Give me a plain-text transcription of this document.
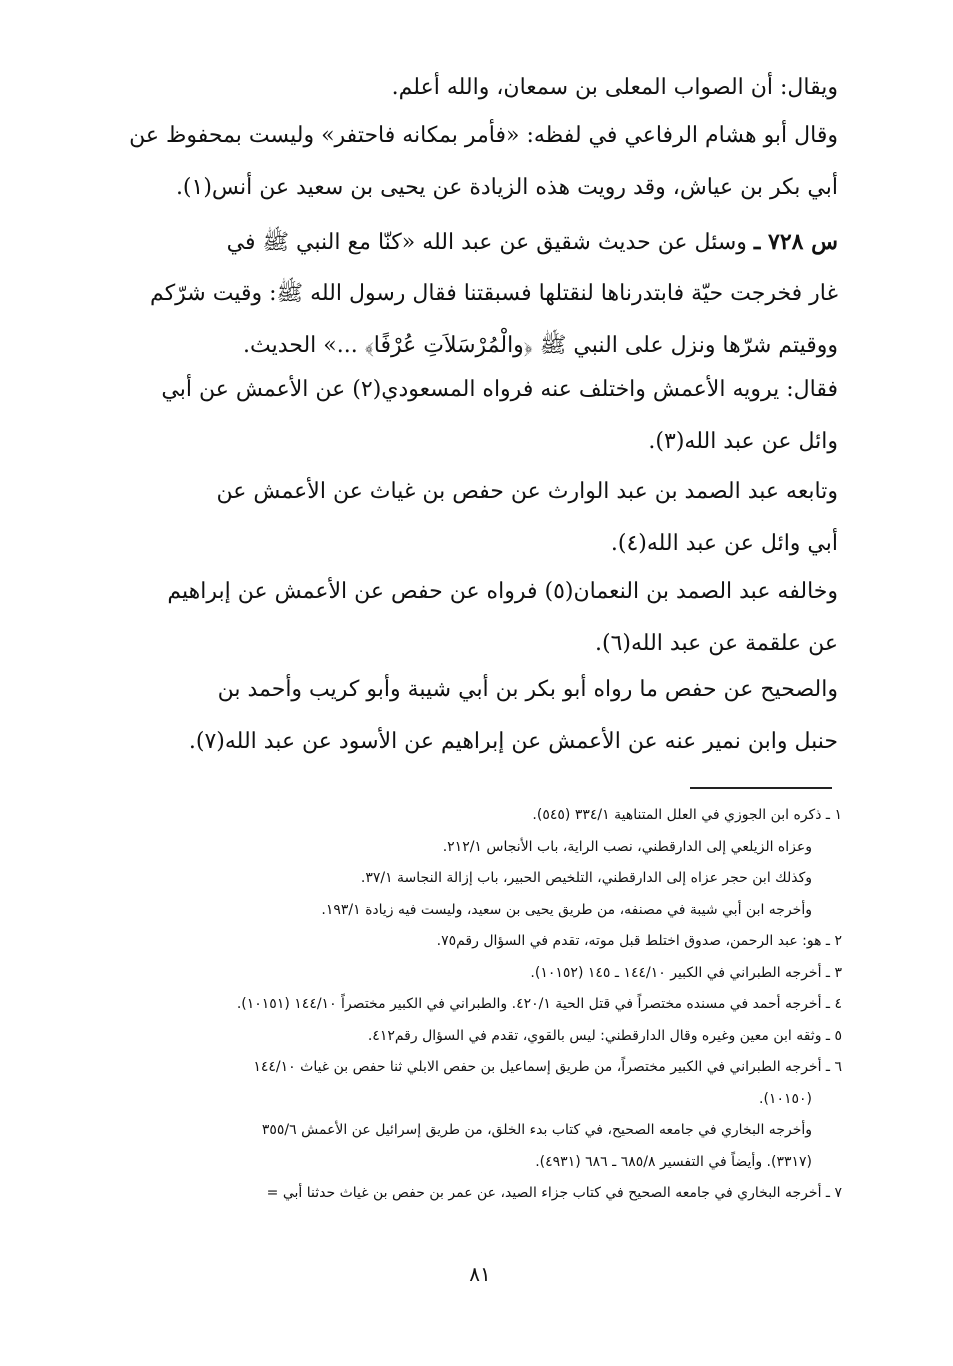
ويقال: أن الصواب المعلى بن سمعان، والله أعلم.
وقال أبو هشام الرفاعي في لفظه: «فأمر بمكانه فاحتفر» وليست بمحفوظ عن
أبي بكر بن عياش، وقد رويت هذه الزيادة عن يحيى بن سعيد عن أنس(١).
س ٧٢٨ ـ وسئل عن حديث شقيق عن عبد الله «كنّا مع النبي ﷺ في
غار فخرجت حيّة فابتدرناها لنقتلها فسبقتنا فقال رسول الله ﷺ: وقيت شرّكم
ووقيتم شرّها ونزل على النبي ﷺ ﴿والْمُرْسَلاَتِ عُرْفًا﴾ ...» الحديث.
فقال: يرويه الأعمش واختلف عنه فرواه المسعودي(٢) عن الأعمش عن أبي
وائل عن عبد الله(٣).
وتابعه عبد الصمد بن عبد الوارث عن حفص بن غياث عن الأعمش عن
أبي وائل عن عبد الله(٤).
وخالفه عبد الصمد بن النعمان(٥) فرواه عن حفص عن الأعمش عن إبراهيم
عن علقمة عن عبد الله(٦).
والصحيح عن حفص ما رواه أبو بكر بن أبي شيبة وأبو كريب وأحمد بن
حنبل وابن نمير عنه عن الأعمش عن إبراهيم عن الأسود عن عبد الله(٧).
١ ـ ذكره ابن الجوزي في العلل المتناهية ٣٣٤/١ (٥٤٥).
وعزاه الزيلعي إلى الدارقطني، نصب الراية، باب الأنجاس ٢١٢/١.
وكذلك ابن حجر عزاه إلى الدارقطني، التلخيص الحبير، باب إزالة النجاسة ٣٧/١.
وأخرجه ابن أبي شيبة في مصنفه، من طريق يحيى بن سعيد، وليست فيه زيادة ١٩٣/١.
٢ ـ هو: عبد الرحمن، صدوق اختلط قبل موته، تقدم في السؤال رقم٧٥.
٣ ـ أخرجه الطبراني في الكبير ١٤٤/١٠ ـ ١٤٥ (١٠١٥٢).
٤ ـ أخرجه أحمد في مسنده مختصراً في قتل الحية ٤٢٠/١. والطبراني في الكبير مختصراً ١٤٤/١٠ (١٠١٥١).
٥ ـ وثقه ابن معين وغيره وقال الدارقطني: ليس بالقوي، تقدم في السؤال رقم٤١٢.
٦ ـ أخرجه الطبراني في الكبير مختصراً، من طريق إسماعيل بن حفص الابلي ثنا حفص بن غياث ١٤٤/١٠
(١٠١٥٠).
وأخرجه البخاري في جامعه الصحيح، في كتاب بدء الخلق، من طريق إسرائيل عن الأعمش ٣٥٥/٦
(٣٣١٧). وأيضاً في التفسير ٦٨٥/٨ ـ ٦٨٦ (٤٩٣١).
٧ ـ أخرجه البخاري في جامعه الصحيح في كتاب جزاء الصيد، عن عمر بن حفص بن غياث حدثنا أبي =
٨١
